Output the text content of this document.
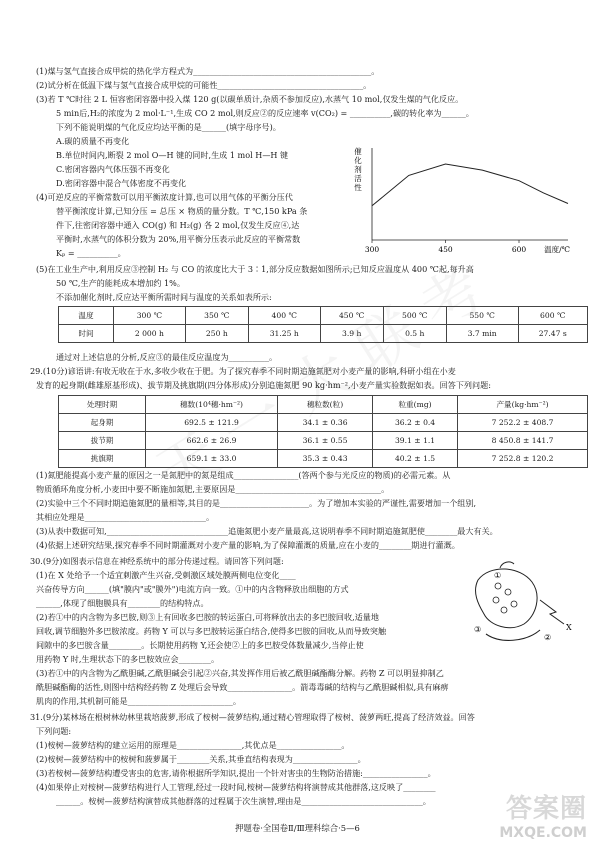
(1)煤与氢气直接合成甲烷的热化学方程式为____________________________________________。
(2)试分析在低温下煤与氢气直接合成甲烷的可能性____________________________________。
(3)若 T ℃时往 2 L 恒容密闭容器中投入煤 120 g(以碳单质计,杂质不参加反应),水蒸气 10 mol,仅发生煤的气化反应。
5 min后,H₂的浓度为 2 mol·L⁻¹,生成 CO 2 mol,则反应②的反应速率 v(CO₂) = __________,碳的转化率为______。
下列不能说明煤的气化反应均达平衡的是______(填字母序号)。
A.碳的质量不再变化
B.单位时间内,断裂 2 mol O—H 键的同时,生成 1 mol H—H 键
C.密闭容器内气体压强不再变化
D.密闭容器中混合气体密度不再变化
(4)可逆反应的平衡常数可以用平衡浓度计算,也可以用气体的平衡分压代
替平衡浓度计算,已知分压 = 总压 × 物质的量分数。T ℃,150 kPa 条
件下,往密闭容器中通入 CO(g) 和 H₂(g) 各 2 mol,仅发生反应④,达
平衡时,水蒸气的体积分数为 20%,用平衡分压表示此反应的平衡常数
Kₚ = __________。
(5)在工业生产中,利用反应③控制 H₂ 与 CO 的浓度比大于 3∶1,部分反应数据如图所示;已知反应温度从 400 ℃起,每升高
50 ℃,生产的能耗成本增加约 1%。
不添加催化剂时,反应达平衡所需时间与温度的关系如表所示:
300	450	600 温度/℃
催
化
剂
活
性
温度	300 ℃	350 ℃	400 ℃	450 ℃	500 ℃	550 ℃	600 ℃
时间	2 000 h	250 h	31.25 h	3.9 h	0.5 h	3.7 min	27.47 s
通过对上述信息的分析,反应③的最佳反应温度为__________。
29.(10分)谚语讲:有收无收在于水,多收少收在于肥。为了探究春季不同时期追施氮肥对小麦产量的影响,科研小组在小麦
发育的起身期(雌雄原基形成)、拔节期及挑旗期(四分体形成)分别追施氮肥 90 kg·hm⁻²,小麦产量实验数据如表。回答下列问题:
处理时期	穗数(10⁴穗·hm⁻²)	穗粒数(粒)	粒重(mg)	产量(kg·hm⁻²)
起身期	692.5 ± 121.9	34.1 ± 0.36	36.2 ± 0.4	7 252.2 ± 408.7
拔节期	662.6 ± 26.9	36.1 ± 0.55	39.1 ± 1.1	8 450.8 ± 141.7
挑旗期	659.1 ± 33.0	35.3 ± 0.43	40.2 ± 1.5	7 252.8 ± 120.2
(1)氮肥能提高小麦产量的原因之一是氮肥中的氮是组成________________(答两个参与光反应的物质)的必需元素。从
物质循环角度分析,小麦田中要不断施加氮肥,主要原因是____________________________________。
(2)实验中三个不同时期追施氮肥的量相等,其目的是______________________。为了增加本实验的严谨性,需要增加一个组别,
其相应处理是______________________________。
(3)从表中数据可知,______________________________追施氮肥小麦产量最高,这说明春季不同时期追施氮肥使________最大有关。
(4)依据上述研究结果,探究春季不同时期灌溉对小麦产量的影响,为了保障灌溉的质量,应在小麦的________期进行灌溉。
30.(9分)如图表示信息在神经系统中的部分传递过程。请回答下列问题:
(1)在 X 处给予一个适宜刺激产生兴奋,受刺激区域处膜两侧电位变化____
兴奋传导方向______(填"膜内"或"膜外")电流方向一致。①中的内含物释放出细胞的方式
______,体现了细胞膜具有________的结构特点。
(2)若①中的内含物为多巴胺,则③上有回收多巴胺的转运蛋白,可将释放出去的多巴胺回收,适量地
回收,调节细胞外多巴胺浓度。药物 Y 可以与多巴胺转运蛋白结合,使得多巴胺的回收,从而导致突触
间隙中的多巴胺含量________。长期使用药物 Y,还会使②上的多巴胺受体数量减少,当停止使
用药物 Y 时,生理状态下的多巴胺效应会________。
(3)若①中的内含物为乙酰胆碱,乙酰胆碱会引起②兴奋,其发挥作用后被乙酰胆碱酯酶分解。药物 Z 可以明显抑制乙
酰胆碱酯酶的活性,则图中结构经药物 Z 处理后会导致________________。箭毒毒碱的结构与乙酰胆碱相似,具有麻痹
肌肉的作用,其机制可能是__________________________。
①
②
③	X
31.(9分)某林场在根树林幼林里栽培菠萝,形成了桉树—菠萝结构,通过精心管理取得了桉树、菠萝两旺,提高了经济效益。回答
下列问题:
(1)桉树—菠萝结构的建立运用的原理是________________,其优点是________________。
(2)桉树—菠萝结构中的桉树和菠萝属于________关系,其垂直结构表现为________________。
(3)若桉树—菠萝结构遭受害虫的危害,请你根据所学知识,提出一个针对害虫的生物防治措施:________________。
(4)如果停止对桉树—菠萝结构进行人工管理,经过一段时间,桉树—菠萝结构将演替成其他群落,这反映了________
______。桉树—菠萝结构演替成其他群落的过程属于次生演替,理由是______________________________。
押题卷·全国卷Ⅱ/Ⅲ理科综合·5—6
答案圈
MXQE.COM
